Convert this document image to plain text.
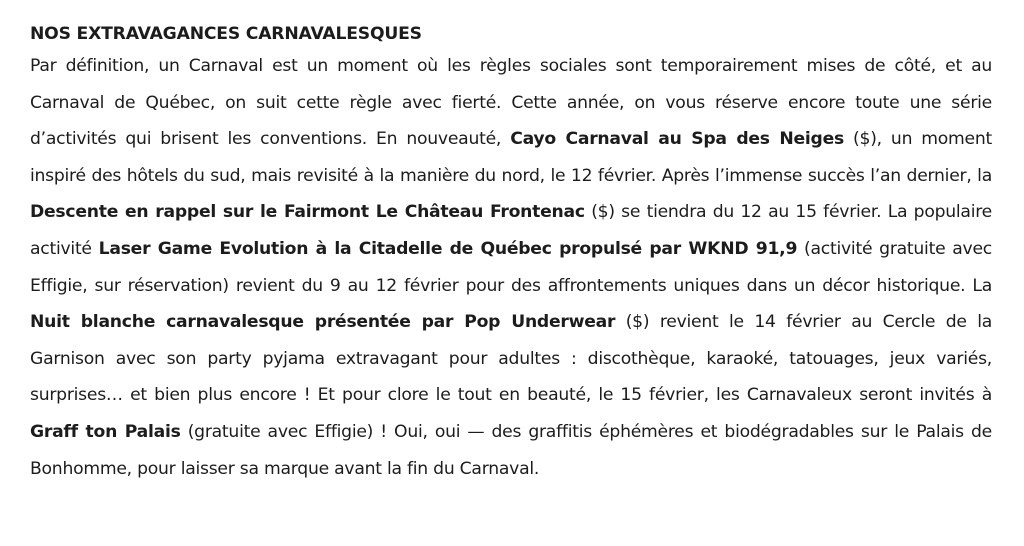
NOS EXTRAVAGANCES CARNAVALESQUES

Par définition, un Carnaval est un moment où les règles sociales sont temporairement mises de côté, et au Carnaval de Québec, on suit cette règle avec fierté. Cette année, on vous réserve encore toute une série d’activités qui brisent les conventions. En nouveauté, Cayo Carnaval au Spa des Neiges ($), un moment inspiré des hôtels du sud, mais revisité à la manière du nord, le 12 février. Après l’immense succès l’an dernier, la Descente en rappel sur le Fairmont Le Château Frontenac ($) se tiendra du 12 au 15 février. La populaire activité Laser Game Evolution à la Citadelle de Québec propulsé par WKND 91,9 (activité gratuite avec Effigie, sur réservation) revient du 9 au 12 février pour des affrontements uniques dans un décor historique. La Nuit blanche carnavalesque présentée par Pop Underwear ($) revient le 14 février au Cercle de la Garnison avec son party pyjama extravagant pour adultes : discothèque, karaoké, tatouages, jeux variés, surprises… et bien plus encore ! Et pour clore le tout en beauté, le 15 février, les Carnavaleux seront invités à Graff ton Palais (gratuite avec Effigie) ! Oui, oui — des graffitis éphémères et biodégradables sur le Palais de Bonhomme, pour laisser sa marque avant la fin du Carnaval.
